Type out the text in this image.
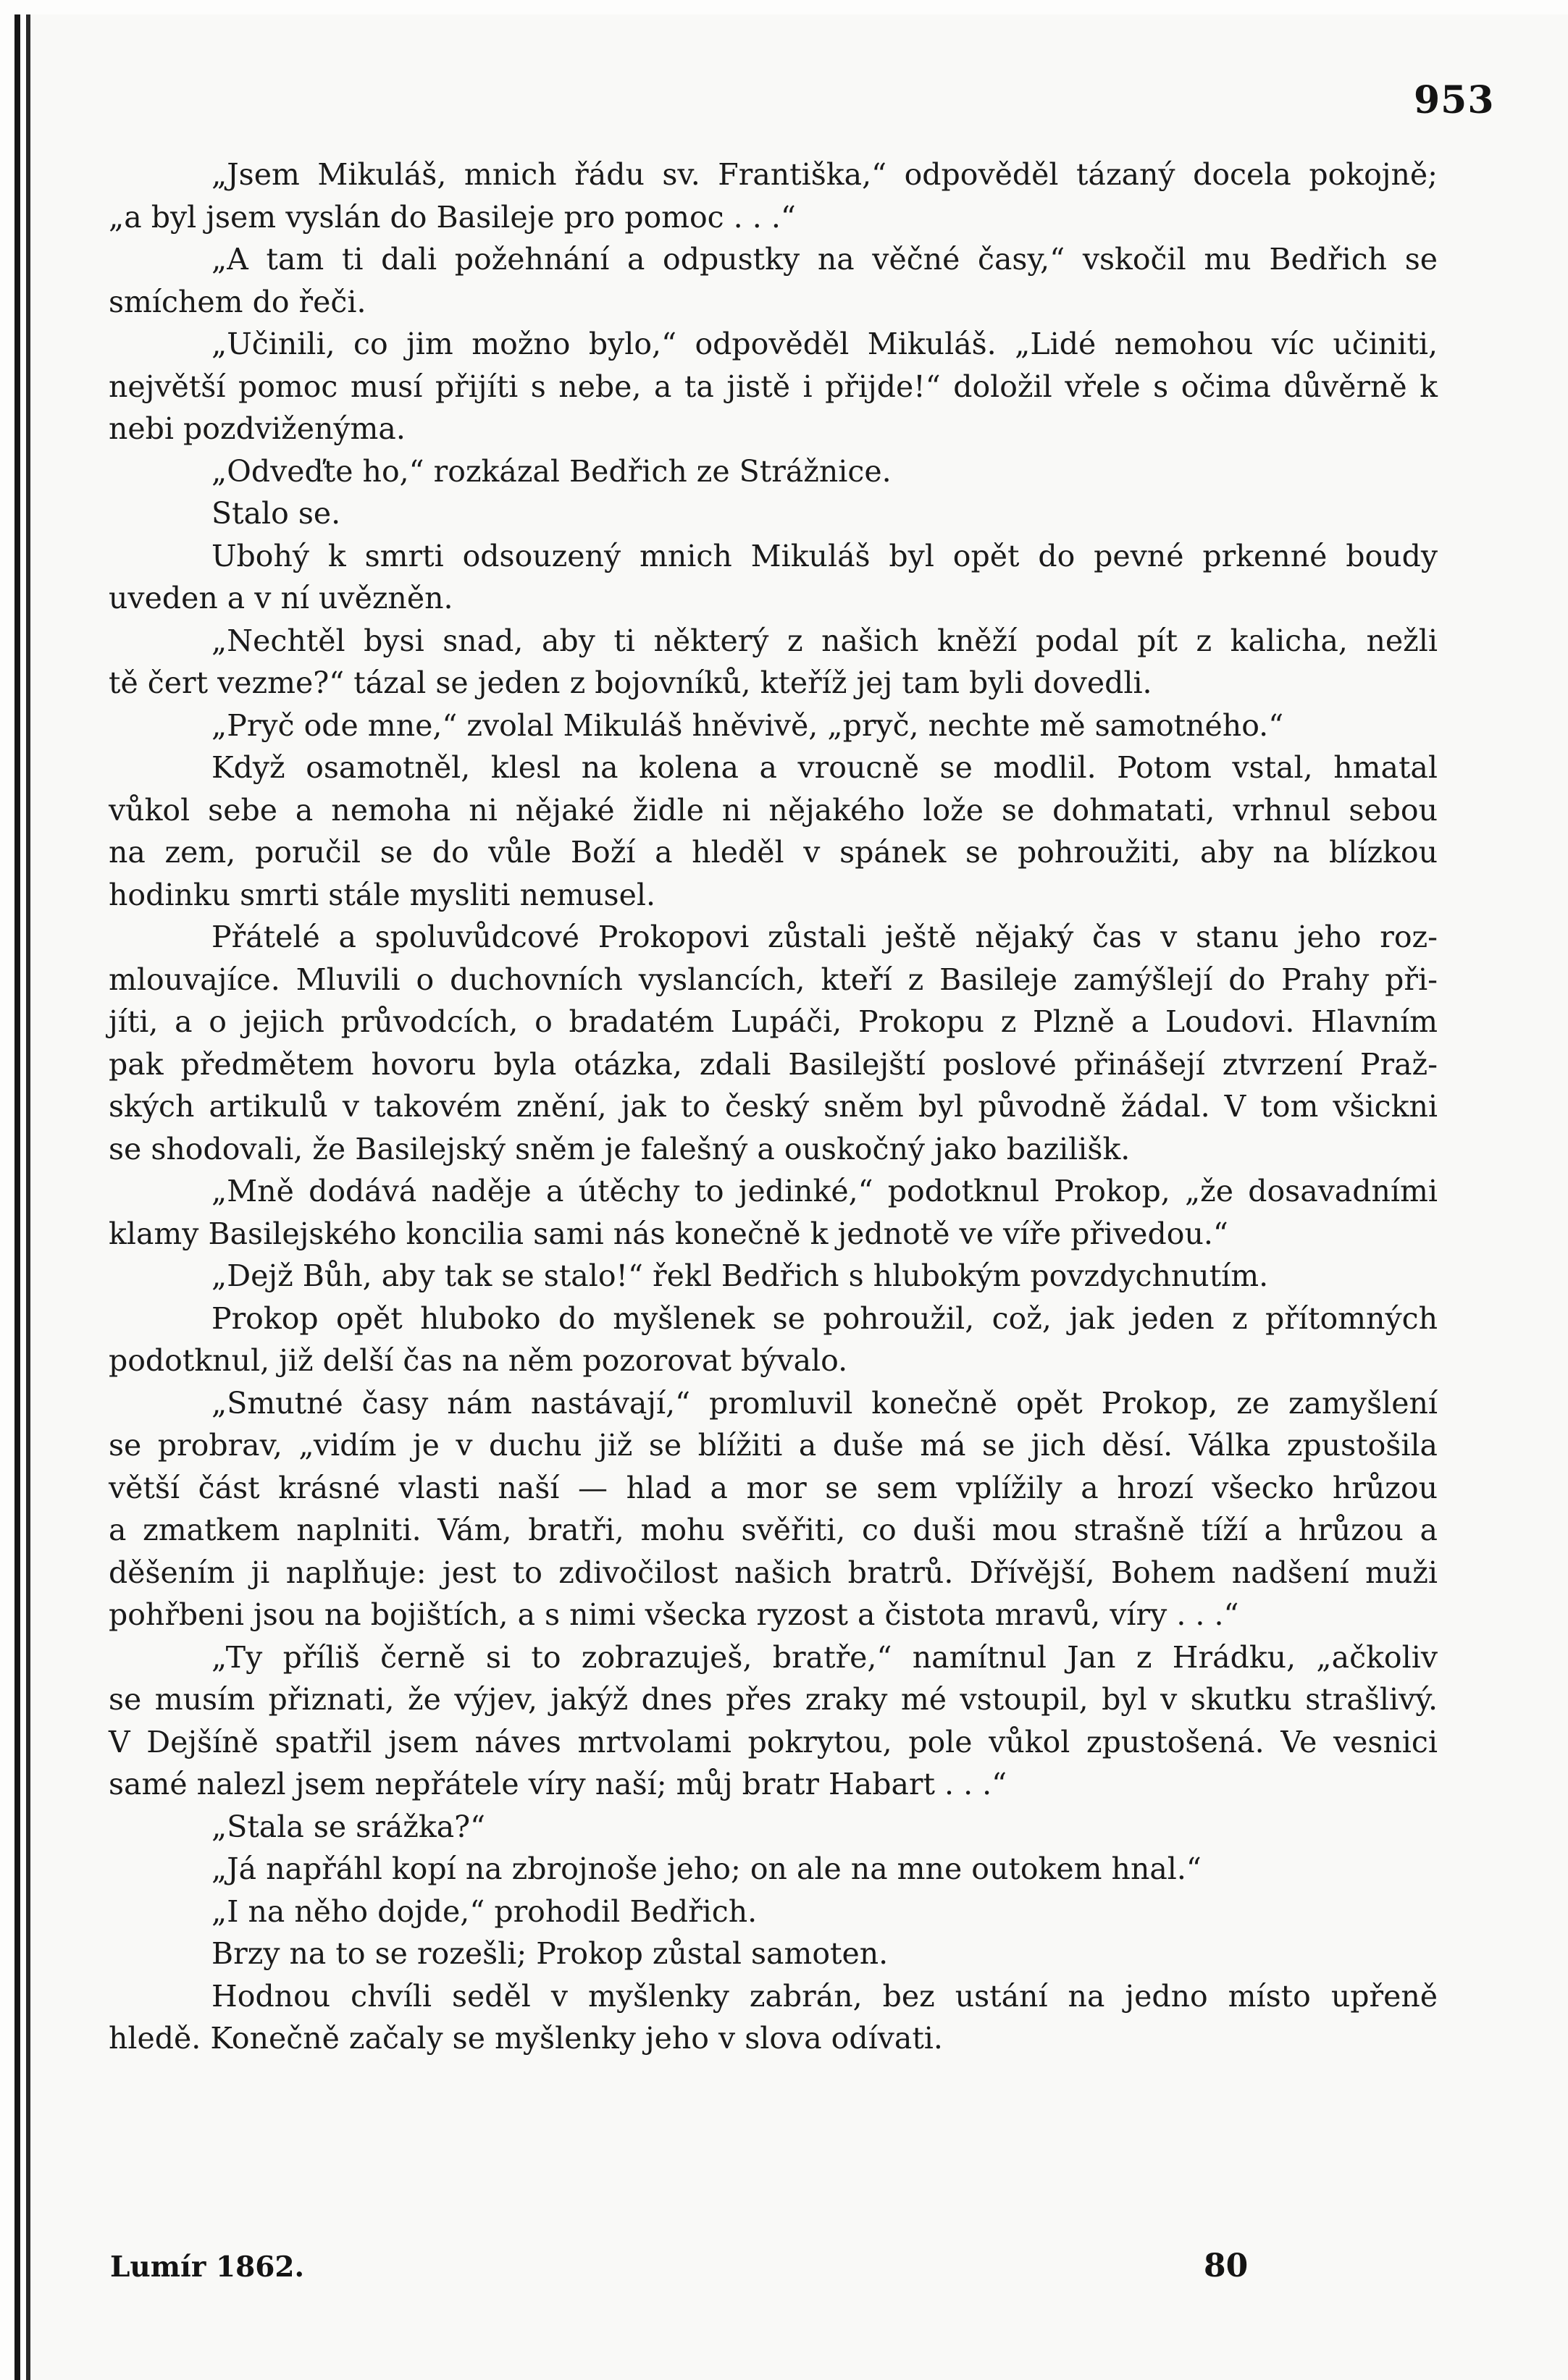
953
„Jsem Mikuláš, mnich řádu sv. Františka,“ odpověděl tázaný docela pokojně;
„a byl jsem vyslán do Basileje pro pomoc . . .“
„A tam ti dali požehnání a odpustky na věčné časy,“ vskočil mu Bedřich se
smíchem do řeči.
„Učinili, co jim možno bylo,“ odpověděl Mikuláš. „Lidé nemohou víc učiniti,
největší pomoc musí přijíti s nebe, a ta jistě i přijde!“ doložil vřele s očima důvěrně k
nebi pozdviženýma.
„Odveďte ho,“ rozkázal Bedřich ze Strážnice.
Stalo se.
Ubohý k smrti odsouzený mnich Mikuláš byl opět do pevné prkenné boudy
uveden a v ní uvězněn.
„Nechtěl bysi snad, aby ti některý z našich kněží podal pít z kalicha, nežli
tě čert vezme?“ tázal se jeden z bojovníků, kteříž jej tam byli dovedli.
„Pryč ode mne,“ zvolal Mikuláš hněvivě, „pryč, nechte mě samotného.“
Když osamotněl, klesl na kolena a vroucně se modlil. Potom vstal, hmatal
vůkol sebe a nemoha ni nějaké židle ni nějakého lože se dohmatati, vrhnul sebou
na zem, poručil se do vůle Boží a hleděl v spánek se pohroužiti, aby na blízkou
hodinku smrti stále mysliti nemusel.
Přátelé a spoluvůdcové Prokopovi zůstali ještě nějaký čas v stanu jeho roz-
mlouvajíce. Mluvili o duchovních vyslancích, kteří z Basileje zamýšlejí do Prahy při-
jíti, a o jejich průvodcích, o bradatém Lupáči, Prokopu z Plzně a Loudovi. Hlavním
pak předmětem hovoru byla otázka, zdali Basilejští poslové přinášejí ztvrzení Praž-
ských artikulů v takovém znění, jak to český sněm byl původně žádal. V tom všickni
se shodovali, že Basilejský sněm je falešný a ouskočný jako bazilišk.
„Mně dodává naděje a útěchy to jedinké,“ podotknul Prokop, „že dosavadními
klamy Basilejského koncilia sami nás konečně k jednotě ve víře přivedou.“
„Dejž Bůh, aby tak se stalo!“ řekl Bedřich s hlubokým povzdychnutím.
Prokop opět hluboko do myšlenek se pohroužil, což, jak jeden z přítomných
podotknul, již delší čas na něm pozorovat bývalo.
„Smutné časy nám nastávají,“ promluvil konečně opět Prokop, ze zamyšlení
se probrav, „vidím je v duchu již se blížiti a duše má se jich děsí. Válka zpustošila
větší část krásné vlasti naší — hlad a mor se sem vplížily a hrozí všecko hrůzou
a zmatkem naplniti. Vám, bratři, mohu svěřiti, co duši mou strašně tíží a hrůzou a
děšením ji naplňuje: jest to zdivočilost našich bratrů. Dřívější, Bohem nadšení muži
pohřbeni jsou na bojištích, a s nimi všecka ryzost a čistota mravů, víry . . .“
„Ty příliš černě si to zobrazuješ, bratře,“ namítnul Jan z Hrádku, „ačkoliv
se musím přiznati, že výjev, jakýž dnes přes zraky mé vstoupil, byl v skutku strašlivý.
V Dejšíně spatřil jsem náves mrtvolami pokrytou, pole vůkol zpustošená. Ve vesnici
samé nalezl jsem nepřátele víry naší; můj bratr Habart . . .“
„Stala se srážka?“
„Já napřáhl kopí na zbrojnoše jeho; on ale na mne outokem hnal.“
„I na něho dojde,“ prohodil Bedřich.
Brzy na to se rozešli; Prokop zůstal samoten.
Hodnou chvíli seděl v myšlenky zabrán, bez ustání na jedno místo upřeně
hledě. Konečně začaly se myšlenky jeho v slova odívati.
Lumír 1862.	80
